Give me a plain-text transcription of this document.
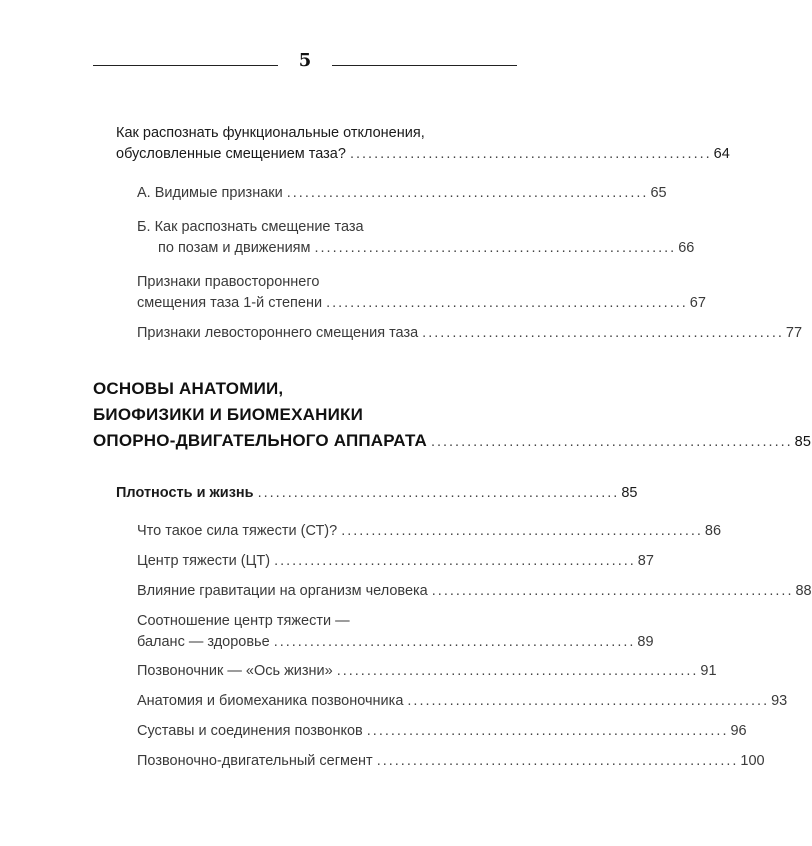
5
Как распознать функциональные отклонения,
обусловленные смещением таза? ............................................................ 64
А. Видимые признаки ............................................................ 65
Б. Как распознать смещение таза
по позам и движениям ............................................................ 66
Признаки правостороннего
смещения таза 1-й степени ............................................................ 67
Признаки левостороннего смещения таза ............................................................ 77
ОСНОВЫ АНАТОМИИ,
БИОФИЗИКИ И БИОМЕХАНИКИ
ОПОРНО-ДВИГАТЕЛЬНОГО АППАРАТА ............................................................ 85
Плотность и жизнь ............................................................ 85
Что такое сила тяжести (СТ)? ............................................................ 86
Центр тяжести (ЦТ) ............................................................ 87
Влияние гравитации на организм человека ............................................................ 88
Соотношение центр тяжести —
баланс — здоровье ............................................................ 89
Позвоночник — «Ось жизни» ............................................................ 91
Анатомия и биомеханика позвоночника ............................................................ 93
Суставы и соединения позвонков ............................................................ 96
Позвоночно-двигательный сегмент ............................................................ 100
